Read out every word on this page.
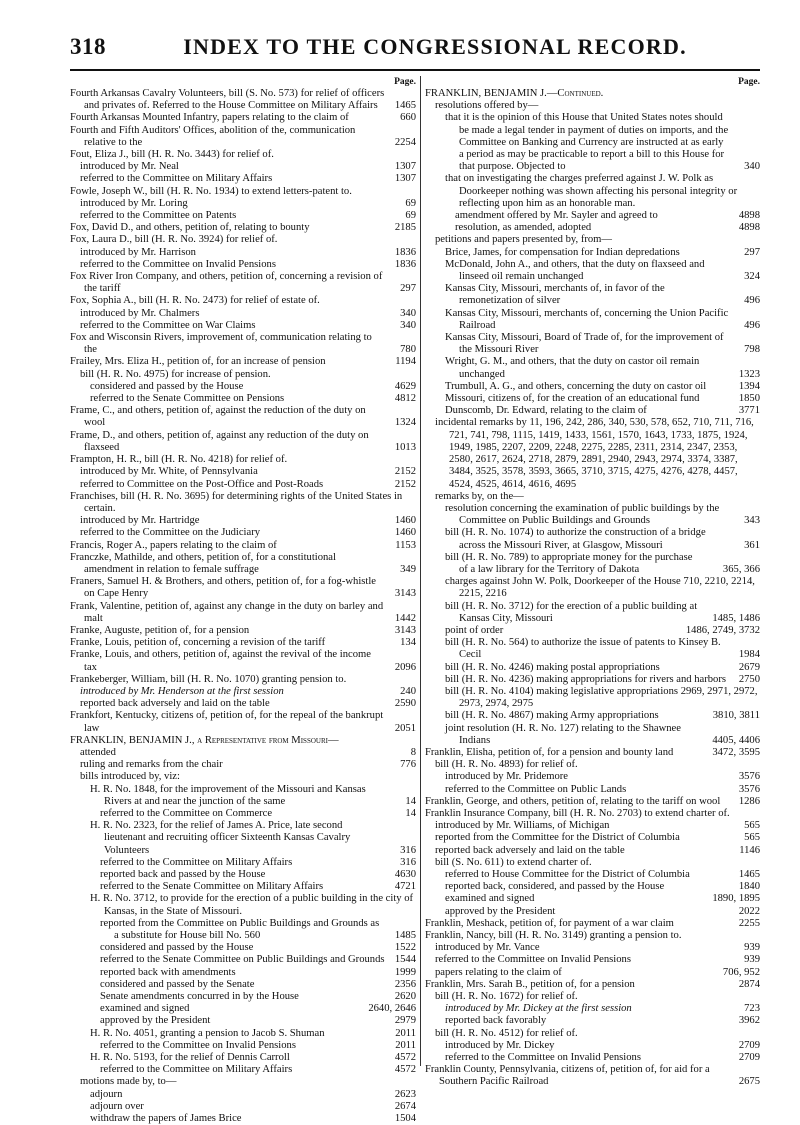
318	INDEX TO THE CONGRESSIONAL RECORD.
Page.
Fourth Arkansas Cavalry Volunteers, bill (S. No. 573) for relief of officers and privates of. Referred to the House Committee on Military Affairs 1465
Fourth Arkansas Mounted Infantry, papers relating to the claim of	660
Fourth and Fifth Auditors' Offices, abolition of the, communication relative to the	2254
Fout, Eliza J., bill (H. R. No. 3443) for relief of.
introduced by Mr. Neal	1307
referred to the Committee on Military Affairs	1307
Fowle, Joseph W., bill (H. R. No. 1934) to extend letters-patent to.
introduced by Mr. Loring	69
referred to the Committee on Patents	69
Fox, David D., and others, petition of, relating to bounty	2185
Fox, Laura D., bill (H. R. No. 3924) for relief of.
introduced by Mr. Harrison	1836
referred to the Committee on Invalid Pensions	1836
Fox River Iron Company, and others, petition of, concerning a revision of the tariff	297
Fox, Sophia A., bill (H. R. No. 2473) for relief of estate of.
introduced by Mr. Chalmers	340
referred to the Committee on War Claims	340
Fox and Wisconsin Rivers, improvement of, communication relating to the	780
Frailey, Mrs. Eliza H., petition of, for an increase of pension	1194
bill (H. R. No. 4975) for increase of pension.
considered and passed by the House	4629
referred to the Senate Committee on Pensions	4812
Frame, C., and others, petition of, against the reduction of the duty on wool	1324
Frame, D., and others, petition of, against any reduction of the duty on flaxseed	1013
Frampton, H. R., bill (H. R. No. 4218) for relief of.
introduced by Mr. White, of Pennsylvania	2152
referred to Committee on the Post-Office and Post-Roads	2152
Franchises, bill (H. R. No. 3695) for determining rights of the United States in certain.
introduced by Mr. Hartridge	1460
referred to the Committee on the Judiciary	1460
Francis, Roger A., papers relating to the claim of	1153
Franczke, Mathilde, and others, petition of, for a constitutional amendment in relation to female suffrage	349
Franers, Samuel H. & Brothers, and others, petition of, for a fog-whistle on Cape Henry	3143
Frank, Valentine, petition of, against any change in the duty on barley and malt	1442
Franke, Auguste, petition of, for a pension	3143
Franke, Louis, petition of, concerning a revision of the tariff	134
Franke, Louis, and others, petition of, against the revival of the income tax	2096
Frankeberger, William, bill (H. R. No. 1070) granting pension to.
introduced by Mr. Henderson at the first session	240
reported back adversely and laid on the table	2590
Frankfort, Kentucky, citizens of, petition of, for the repeal of the bankrupt law	2051
FRANKLIN, BENJAMIN J., a Representative from Missouri—
attended	8
ruling and remarks from the chair	776
bills introduced by, viz:
H. R. No. 1848, for the improvement of the Missouri and Kansas Rivers at and near the junction of the same	14
referred to the Committee on Commerce	14
H. R. No. 2323, for the relief of James A. Price, late second lieutenant and recruiting officer Sixteenth Kansas Cavalry Volunteers	316
referred to the Committee on Military Affairs	316
reported back and passed by the House	4630
referred to the Senate Committee on Military Affairs	4721
H. R. No. 3712, to provide for the erection of a public building in the city of Kansas, in the State of Missouri.
reported from the Committee on Public Buildings and Grounds as a substitute for House bill No. 560	1485
considered and passed by the House	1522
referred to the Senate Committee on Public Buildings and Grounds 1544
reported back with amendments	1999
considered and passed by the Senate	2356
Senate amendments concurred in by the House	2620
examined and signed	2640, 2646
approved by the President	2979
H. R. No. 4051, granting a pension to Jacob S. Shuman	2011
referred to the Committee on Invalid Pensions	2011
H. R. No. 5193, for the relief of Dennis Carroll	4572
referred to the Committee on Military Affairs	4572
motions made by, to—
adjourn	2623
adjourn over	2674
withdraw the papers of James Brice	1504
Page.
FRANKLIN, BENJAMIN J.—Continued.
resolutions offered by—
that it is the opinion of this House that United States notes should be made a legal tender in payment of duties on imports, and the Committee on Banking and Currency are instructed at as early a period as may be practicable to report a bill to this House for that purpose. Objected to	340
that on investigating the charges preferred against J. W. Polk as Doorkeeper nothing was shown affecting his personal integrity or reflecting upon him as an honorable man.
amendment offered by Mr. Sayler and agreed to	4898
resolution, as amended, adopted	4898
petitions and papers presented by, from—
Brice, James, for compensation for Indian depredations	297
McDonald, John A., and others, that the duty on flaxseed and linseed oil remain unchanged	324
Kansas City, Missouri, merchants of, in favor of the remonetization of silver	496
Kansas City, Missouri, merchants of, concerning the Union Pacific Railroad	496
Kansas City, Missouri, Board of Trade of, for the improvement of the Missouri River	798
Wright, G. M., and others, that the duty on castor oil remain unchanged	1323
Trumbull, A. G., and others, concerning the duty on castor oil	1394
Missouri, citizens of, for the creation of an educational fund	1850
Dunscomb, Dr. Edward, relating to the claim of	3771
incidental remarks by 11, 196, 242, 286, 340, 530, 578, 652, 710, 711, 716, 721, 741, 798, 1115, 1419, 1433, 1561, 1570, 1643, 1733, 1875, 1924, 1949, 1985, 2207, 2209, 2248, 2275, 2285, 2311, 2314, 2347, 2353, 2580, 2617, 2624, 2718, 2879, 2891, 2940, 2943, 2974, 3374, 3387, 3484, 3525, 3578, 3593, 3665, 3710, 3715, 4275, 4276, 4278, 4457, 4524, 4525, 4614, 4616, 4695
remarks by, on the—
resolution concerning the examination of public buildings by the Committee on Public Buildings and Grounds	343
bill (H. R. No. 1074) to authorize the construction of a bridge across the Missouri River, at Glasgow, Missouri	361
bill (H. R. No. 789) to appropriate money for the purchase of a law library for the Territory of Dakota	365, 366
charges against John W. Polk, Doorkeeper of the House 710, 2210, 2214, 2215, 2216
bill (H. R. No. 3712) for the erection of a public building at Kansas City, Missouri	1485, 1486
point of order	1486, 2749, 3732
bill (H. R. No. 564) to authorize the issue of patents to Kinsey B. Cecil	1984
bill (H. R. No. 4246) making postal appropriations	2679
bill (H. R. No. 4236) making appropriations for rivers and harbors 2750
bill (H. R. No. 4104) making legislative appropriations 2969, 2971, 2972, 2973, 2974, 2975
bill (H. R. No. 4867) making Army appropriations	3810, 3811
joint resolution (H. R. No. 127) relating to the Shawnee Indians	4405, 4406
Franklin, Elisha, petition of, for a pension and bounty land	3472, 3595
bill (H. R. No. 4893) for relief of.
introduced by Mr. Pridemore	3576
referred to the Committee on Public Lands	3576
Franklin, George, and others, petition of, relating to the tariff on wool 1286
Franklin Insurance Company, bill (H. R. No. 2703) to extend charter of.
introduced by Mr. Williams, of Michigan	565
reported from the Committee for the District of Columbia	565
reported back adversely and laid on the table	1146
bill (S. No. 611) to extend charter of.
referred to House Committee for the District of Columbia	1465
reported back, considered, and passed by the House	1840
examined and signed	1890, 1895
approved by the President	2022
Franklin, Meshack, petition of, for payment of a war claim	2255
Franklin, Nancy, bill (H. R. No. 3149) granting a pension to.
introduced by Mr. Vance	939
referred to the Committee on Invalid Pensions	939
papers relating to the claim of	706, 952
Franklin, Mrs. Sarah B., petition of, for a pension	2874
bill (H. R. No. 1672) for relief of.
introduced by Mr. Dickey at the first session	723
reported back favorably	3962
bill (H. R. No. 4512) for relief of.
introduced by Mr. Dickey	2709
referred to the Committee on Invalid Pensions	2709
Franklin County, Pennsylvania, citizens of, petition of, for aid for a Southern Pacific Railroad	2675
